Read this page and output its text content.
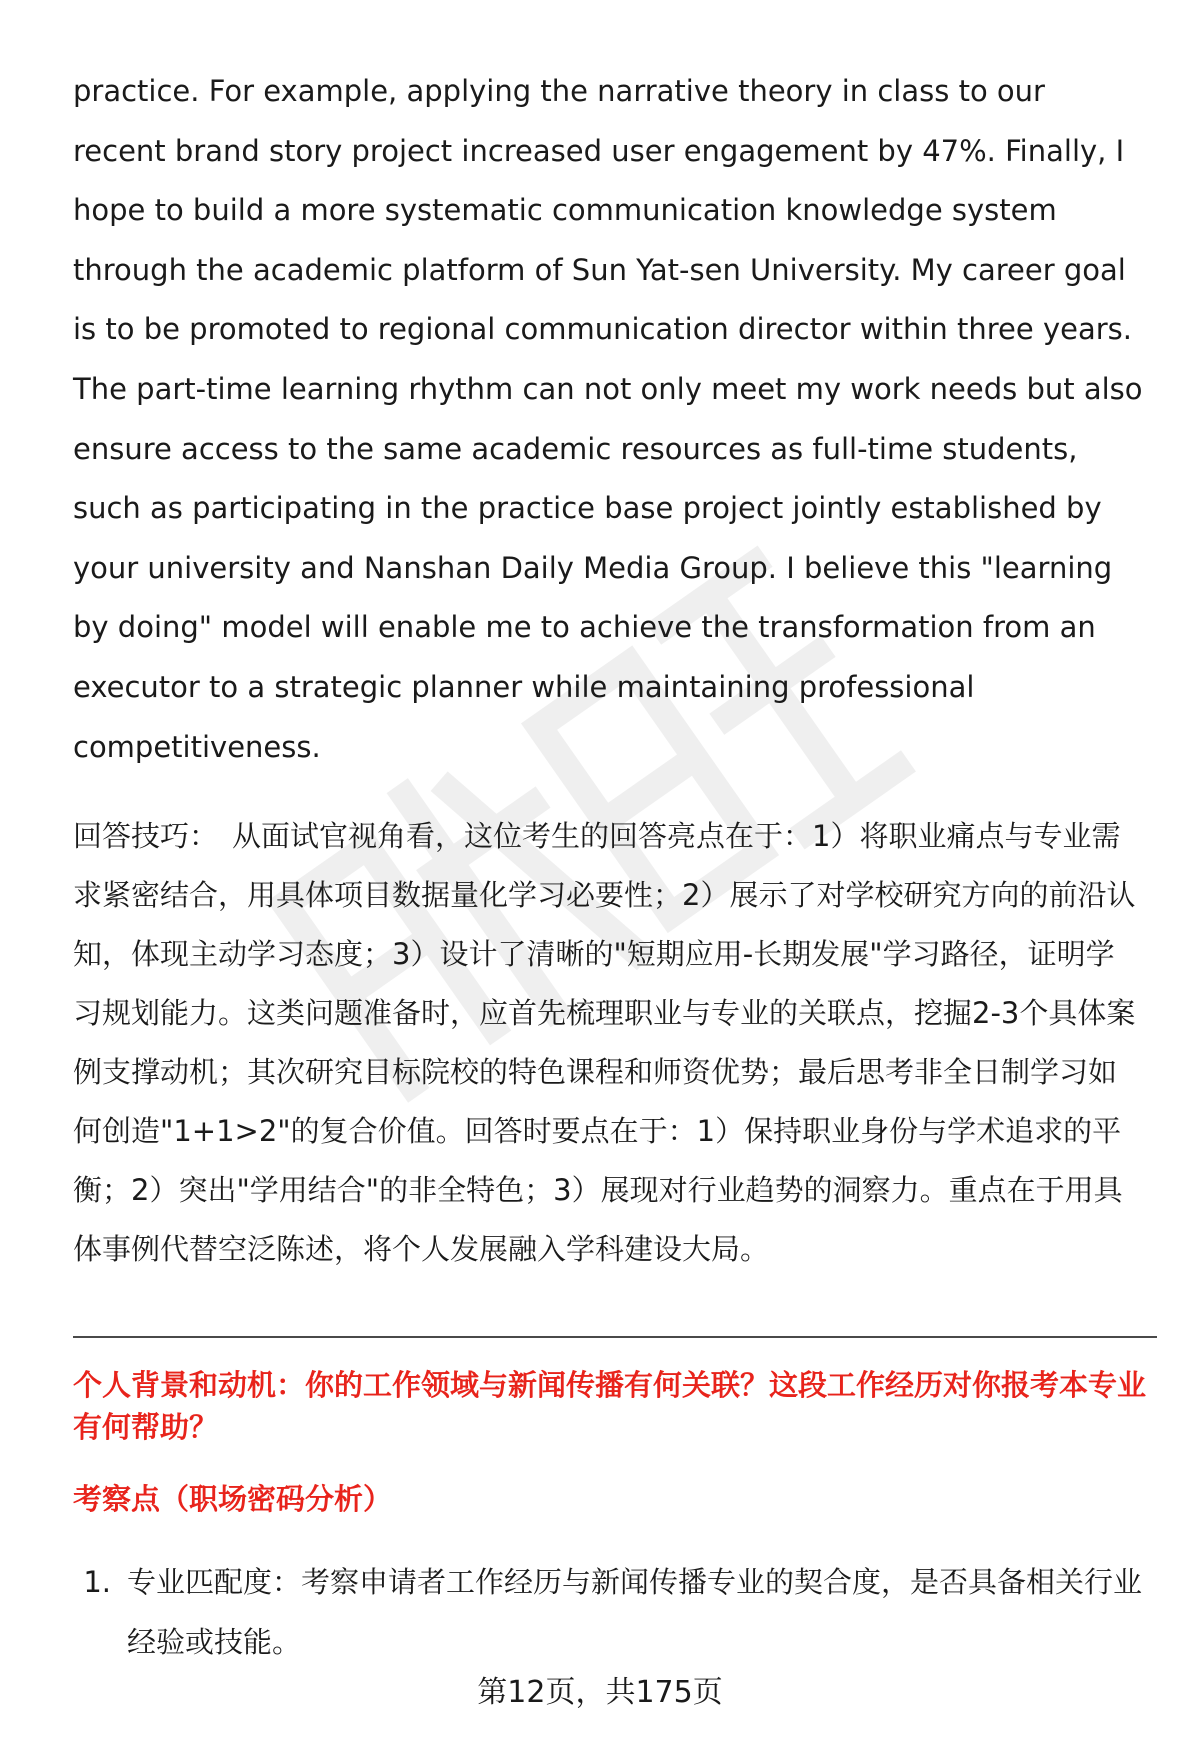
practice. For example, applying the narrative theory in class to our recent brand story project increased user engagement by 47%. Finally, I hope to build a more systematic communication knowledge system through the academic platform of Sun Yat-sen University. My career goal is to be promoted to regional communication director within three years. The part-time learning rhythm can not only meet my work needs but also ensure access to the same academic resources as full-time students, such as participating in the practice base project jointly established by your university and Nanshan Daily Media Group. I believe this "learning by doing" model will enable me to achieve the transformation from an executor to a strategic planner while maintaining professional competitiveness.

回答技巧： 从面试官视角看，这位考生的回答亮点在于：1）将职业痛点与专业需求紧密结合，用具体项目数据量化学习必要性；2）展示了对学校研究方向的前沿认知，体现主动学习态度；3）设计了清晰的"短期应用-长期发展"学习路径，证明学习规划能力。这类问题准备时，应首先梳理职业与专业的关联点，挖掘2-3个具体案例支撑动机；其次研究目标院校的特色课程和师资优势；最后思考非全日制学习如何创造"1+1>2"的复合价值。回答时要点在于：1）保持职业身份与学术追求的平衡；2）突出"学用结合"的非全特色；3）展现对行业趋势的洞察力。重点在于用具体事例代替空泛陈述，将个人发展融入学科建设大局。
个人背景和动机：你的工作领域与新闻传播有何关联？这段工作经历对你报考本专业有何帮助？
考察点（职场密码分析）
1. 专业匹配度：考察申请者工作经历与新闻传播专业的契合度，是否具备相关行业经验或技能。
第12页，共175页
